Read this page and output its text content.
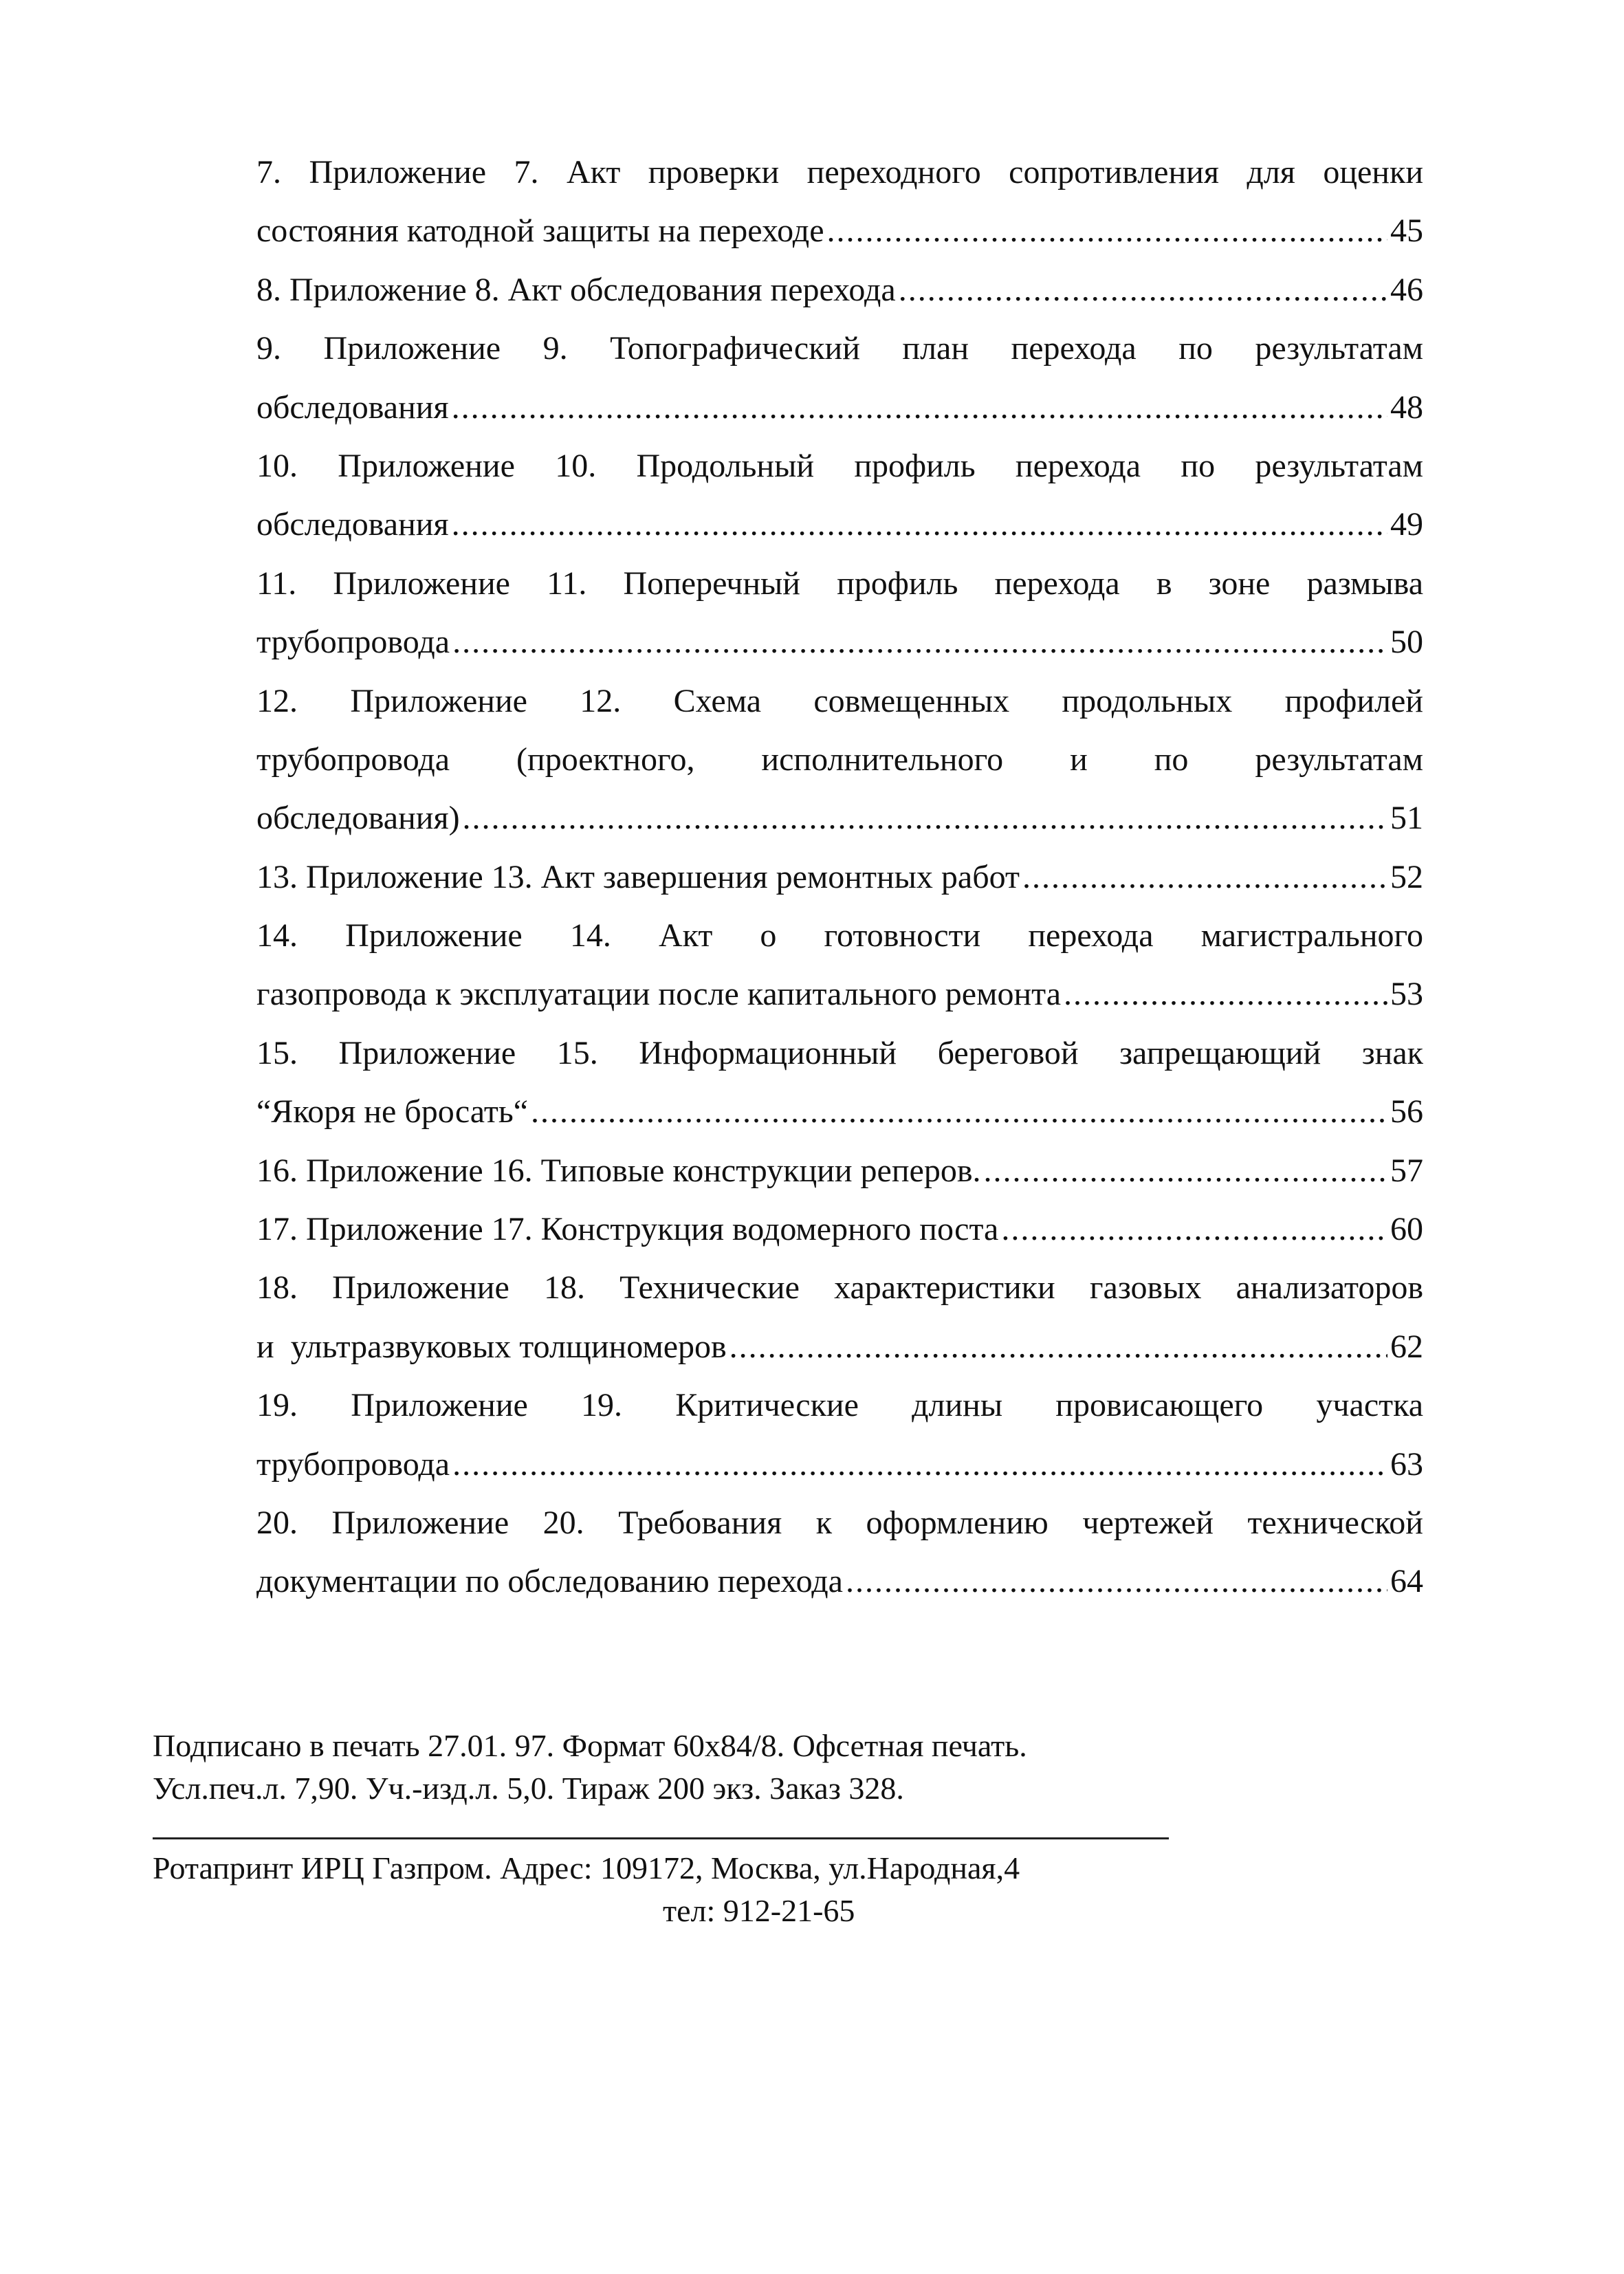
7. Приложение 7. Акт проверки переходного сопротивления для оценки
состояния катодной защиты на переходе .....	45
8. Приложение 8. Акт обследования перехода .....	46
9. Приложение 9. Топографический план перехода по результатам
обследования .....	48
10. Приложение 10. Продольный профиль перехода по результатам
обследования .....	49
11. Приложение 11. Поперечный профиль перехода в зоне размыва
трубопровода .....	50
12. Приложение 12. Схема совмещенных продольных профилей
трубопровода (проектного, исполнительного и по результатам
обследования) .....	51
13. Приложение 13. Акт завершения ремонтных работ .....	52
14. Приложение 14. Акт о готовности перехода магистрального
газопровода к эксплуатации после капитального ремонта .....	53
15. Приложение 15. Информационный береговой запрещающий знак
“Якоря не бросать“ .....	56
16. Приложение 16. Типовые конструкции реперов. .....	57
17. Приложение 17. Конструкция водомерного поста .....	60
18. Приложение 18. Технические характеристики газовых анализаторов
и  ультразвуковых толщиномеров .....	62
19. Приложение 19. Критические длины провисающего участка
трубопровода .....	63
20. Приложение 20. Требования к оформлению чертежей технической
документации по обследованию перехода .....	64
Подписано в печать 27.01. 97. Формат 60x84/8. Офсетная печать.
Усл.печ.л. 7,90. Уч.-изд.л. 5,0. Тираж 200 экз. Заказ 328.
Ротапринт ИРЦ Газпром. Адрес: 109172, Москва, ул.Народная,4
тел: 912-21-65
